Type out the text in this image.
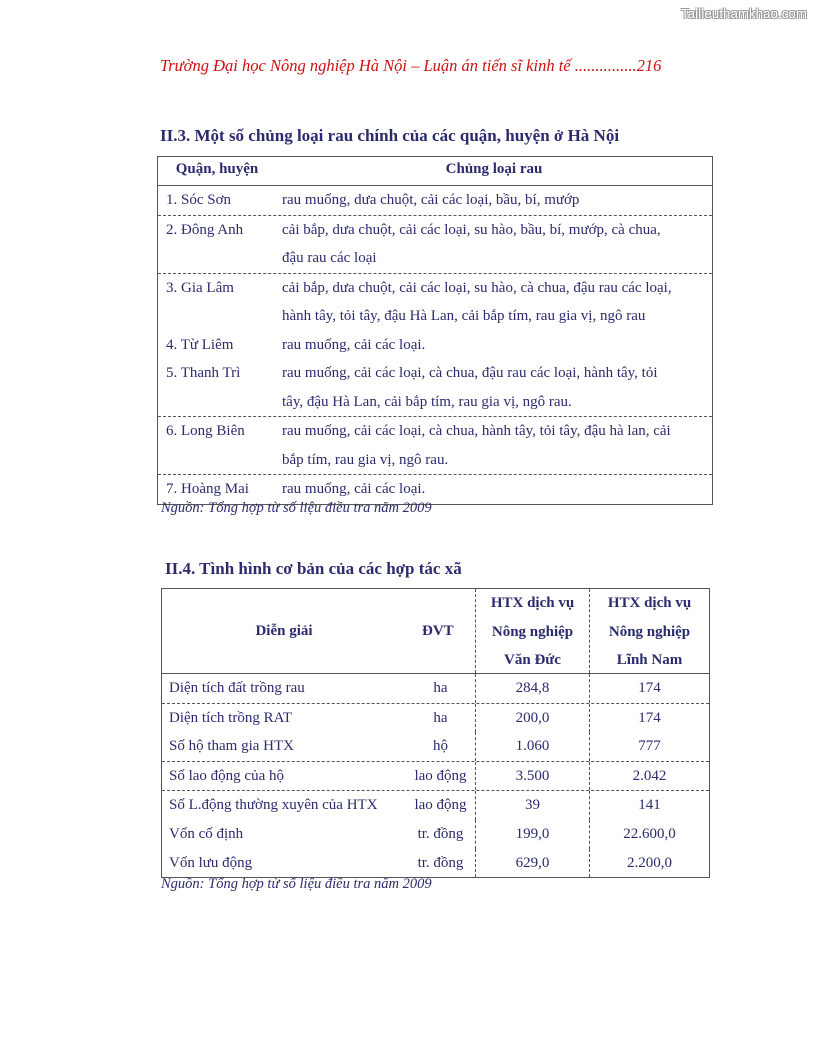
Tailieuthamkhao.com
Trường Đại học Nông nghiệp Hà Nội – Luận án tiến sĩ kinh tế ...............216
II.3. Một số chủng loại rau chính của các quận, huyện ở Hà Nội
Quận, huyện	Chủng loại rau
1. Sóc Sơn	rau muống, dưa chuột, cải các loại, bầu, bí, mướp
2. Đông Anh	cải bắp, dưa chuột, cải các loại, su hào, bầu, bí, mướp, cà chua,
đậu rau các loại
3. Gia Lâm	cải bắp, dưa chuột, cải các loại, su hào, cà chua, đậu rau các loại,
hành tây, tỏi tây, đậu Hà Lan, cải bắp tím, rau gia vị, ngô rau
4. Từ Liêm	rau muống, cải các loại.
5. Thanh Trì	rau muống, cải các loại, cà chua, đậu rau các loại, hành tây, tỏi
tây, đậu Hà Lan, cải bắp tím, rau gia vị, ngô rau.
6. Long Biên	rau muống, cải các loại, cà chua, hành tây, tỏi tây, đậu hà lan, cải
bắp tím, rau gia vị, ngô rau.
7. Hoàng Mai	rau muống, cải các loại.
Nguồn: Tổng hợp từ số liệu điều tra năm 2009
II.4. Tình hình cơ bản của các hợp tác xã
Diễn giải	ĐVT
HTX dịch vụ
Nông nghiệp
Văn Đức
HTX dịch vụ
Nông nghiệp
Lĩnh Nam
Diện tích đất trồng rau	ha	284,8	174
Diện tích trồng RAT	ha	200,0	174
Số hộ tham gia HTX	hộ	1.060	777
Số lao động của hộ	lao động	3.500	2.042
Số L.động thường xuyên của HTX	lao động	39	141
Vốn cố định	tr. đồng	199,0	22.600,0
Vốn lưu động	tr. đồng	629,0	2.200,0
Nguồn: Tổng hợp từ số liệu điều tra năm 2009
